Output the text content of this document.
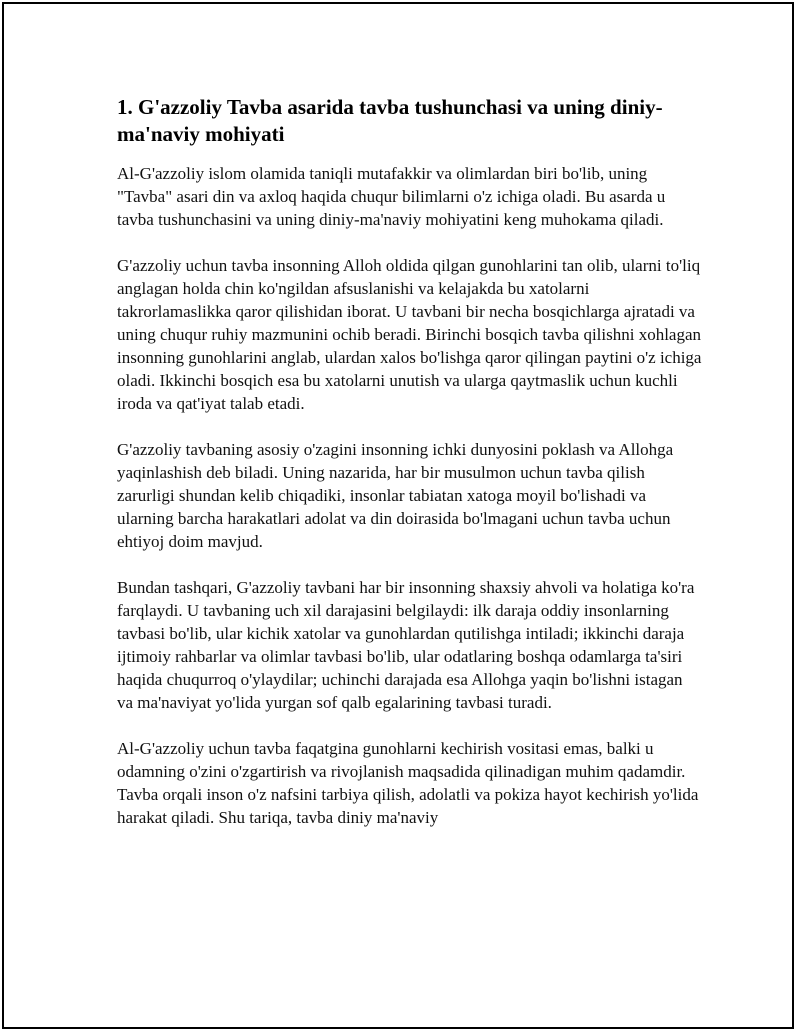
1. G'azzoliy Tavba asarida tavba tushunchasi va uning diniy-ma'naviy mohiyati

Al-G'azzoliy islom olamida taniqli mutafakkir va olimlardan biri bo'lib, uning "Tavba" asari din va axloq haqida chuqur bilimlarni o'z ichiga oladi. Bu asarda u tavba tushunchasini va uning diniy-ma'naviy mohiyatini keng muhokama qiladi.

G'azzoliy uchun tavba insonning Alloh oldida qilgan gunohlarini tan olib, ularni to'liq anglagan holda chin ko'ngildan afsuslanishi va kelajakda bu xatolarni takrorlamaslikka qaror qilishidan iborat. U tavbani bir necha bosqichlarga ajratadi va uning chuqur ruhiy mazmunini ochib beradi. Birinchi bosqich tavba qilishni xohlagan insonning gunohlarini anglab, ulardan xalos bo'lishga qaror qilingan paytini o'z ichiga oladi. Ikkinchi bosqich esa bu xatolarni unutish va ularga qaytmaslik uchun kuchli iroda va qat'iyat talab etadi.

G'azzoliy tavbaning asosiy o'zagini insonning ichki dunyosini poklash va Allohga yaqinlashish deb biladi. Uning nazarida, har bir musulmon uchun tavba qilish zarurligi shundan kelib chiqadiki, insonlar tabiatan xatoga moyil bo'lishadi va ularning barcha harakatlari adolat va din doirasida bo'lmagani uchun tavba uchun ehtiyoj doim mavjud.

Bundan tashqari, G'azzoliy tavbani har bir insonning shaxsiy ahvoli va holatiga ko'ra farqlaydi. U tavbaning uch xil darajasini belgilaydi: ilk daraja oddiy insonlarning tavbasi bo'lib, ular kichik xatolar va gunohlardan qutilishga intiladi; ikkinchi daraja ijtimoiy rahbarlar va olimlar tavbasi bo'lib, ular odatlaring boshqa odamlarga ta'siri haqida chuqurroq o'ylaydilar; uchinchi darajada esa Allohga yaqin bo'lishni istagan va ma'naviyat yo'lida yurgan sof qalb egalarining tavbasi turadi.

Al-G'azzoliy uchun tavba faqatgina gunohlarni kechirish vositasi emas, balki u odamning o'zini o'zgartirish va rivojlanish maqsadida qilinadigan muhim qadamdir. Tavba orqali inson o'z nafsini tarbiya qilish, adolatli va pokiza hayot kechirish yo'lida harakat qiladi. Shu tariqa, tavba diniy ma'naviy
